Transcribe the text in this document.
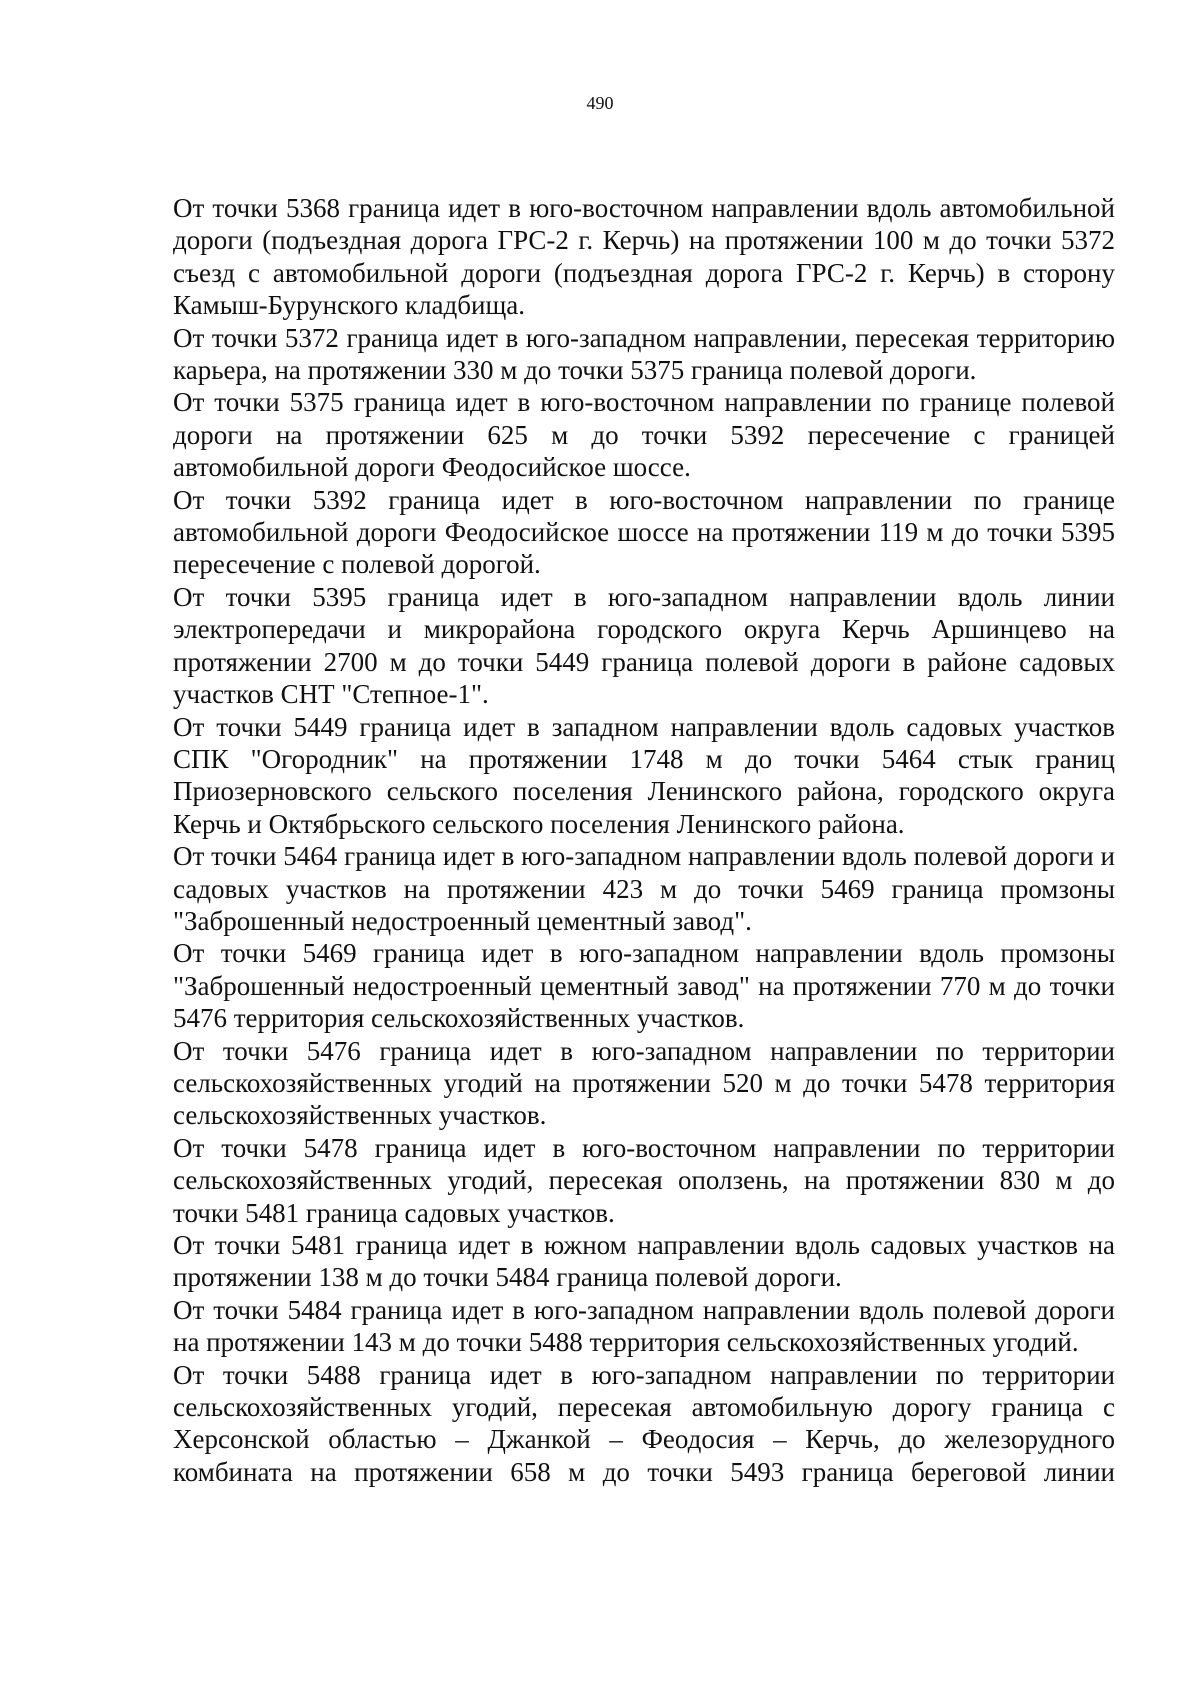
490

От точки 5368 граница идет в юго-восточном направлении вдоль автомобильной дороги (подъездная дорога ГРС-2 г. Керчь) на протяжении 100 м до точки 5372 съезд с автомобильной дороги (подъездная дорога ГРС-2 г. Керчь) в сторону Камыш-Бурунского кладбища.

От точки 5372 граница идет в юго-западном направлении, пересекая территорию карьера, на протяжении 330 м до точки 5375 граница полевой дороги.

От точки 5375 граница идет в юго-восточном направлении по границе полевой дороги на протяжении 625 м до точки 5392 пересечение с границей автомобильной дороги Феодосийское шоссе.

От точки 5392 граница идет в юго-восточном направлении по границе автомобильной дороги Феодосийское шоссе на протяжении 119 м до точки 5395 пересечение с полевой дорогой.

От точки 5395 граница идет в юго-западном направлении вдоль линии электропередачи и микрорайона городского округа Керчь Аршинцево на протяжении 2700 м до точки 5449 граница полевой дороги в районе садовых участков СНТ "Степное-1".

От точки 5449 граница идет в западном направлении вдоль садовых участков СПК "Огородник" на протяжении 1748 м до точки 5464 стык границ Приозерновского сельского поселения Ленинского района, городского округа Керчь и Октябрьского сельского поселения Ленинского района.

От точки 5464 граница идет в юго-западном направлении вдоль полевой дороги и садовых участков на протяжении 423 м до точки 5469 граница промзоны "Заброшенный недостроенный цементный завод".

От точки 5469 граница идет в юго-западном направлении вдоль промзоны "Заброшенный недостроенный цементный завод" на протяжении 770 м до точки 5476 территория сельскохозяйственных участков.

От точки 5476 граница идет в юго-западном направлении по территории сельскохозяйственных угодий на протяжении 520 м до точки 5478 территория сельскохозяйственных участков.

От точки 5478 граница идет в юго-восточном направлении по территории сельскохозяйственных угодий, пересекая оползень, на протяжении 830 м до точки 5481 граница садовых участков.

От точки 5481 граница идет в южном направлении вдоль садовых участков на протяжении 138 м до точки 5484 граница полевой дороги.

От точки 5484 граница идет в юго-западном направлении вдоль полевой дороги на протяжении 143 м до точки 5488 территория сельскохозяйственных угодий.

От точки 5488 граница идет в юго-западном направлении по территории сельскохозяйственных угодий, пересекая автомобильную дорогу граница с Херсонской областью – Джанкой – Феодосия – Керчь, до железорудного комбината на протяжении 658 м до точки 5493 граница береговой линии
